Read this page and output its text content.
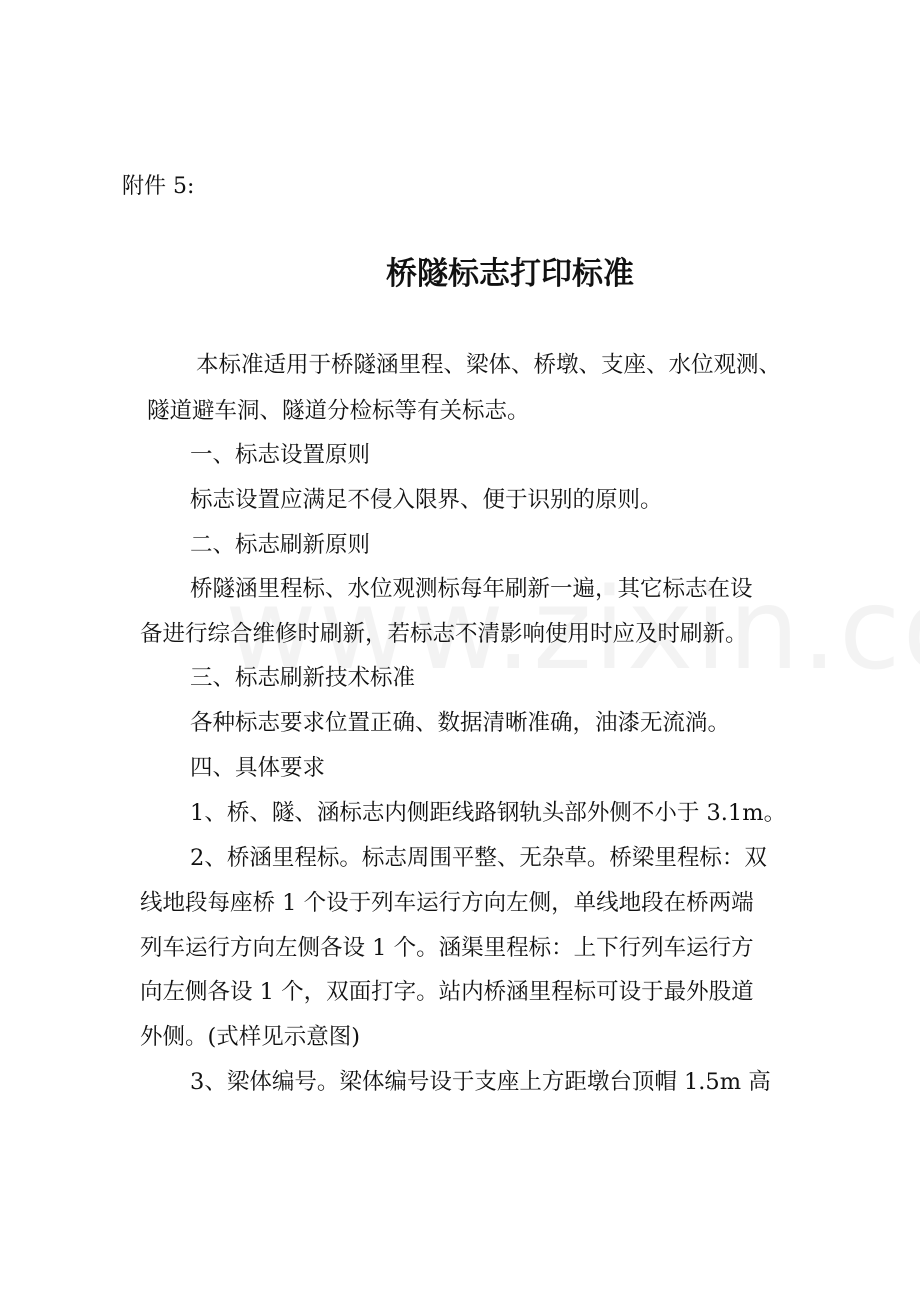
附件 5:
桥隧标志打印标准
本标准适用于桥隧涵里程、梁体、桥墩、支座、水位观测、
隧道避车洞、隧道分检标等有关标志。
一、标志设置原则
标志设置应满足不侵入限界、便于识别的原则。
二、标志刷新原则
桥隧涵里程标、水位观测标每年刷新一遍，其它标志在设
备进行综合维修时刷新，若标志不清影响使用时应及时刷新。
三、标志刷新技术标准
各种标志要求位置正确、数据清晰准确，油漆无流淌。
四、具体要求
1、桥、隧、涵标志内侧距线路钢轨头部外侧不小于 3.1m。
2、桥涵里程标。标志周围平整、无杂草。桥梁里程标：双
线地段每座桥 1 个设于列车运行方向左侧，单线地段在桥两端
列车运行方向左侧各设 1 个。涵渠里程标：上下行列车运行方
向左侧各设 1 个，双面打字。站内桥涵里程标可设于最外股道
外侧。(式样见示意图)
3、梁体编号。梁体编号设于支座上方距墩台顶帽 1.5m 高
